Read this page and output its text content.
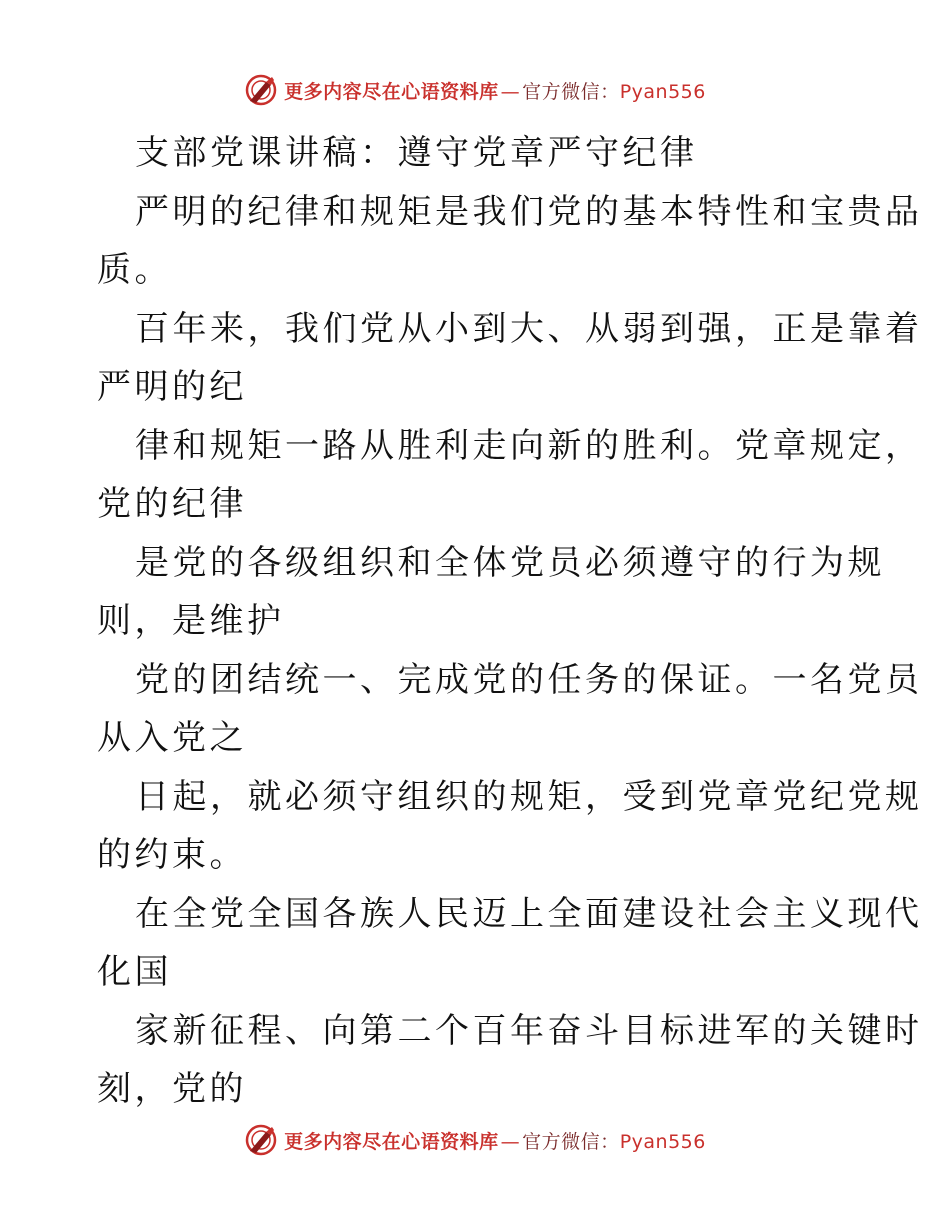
更多内容尽在心语资料库 — 官方微信：Pyan556
支部党课讲稿：遵守党章严守纪律
严明的纪律和规矩是我们党的基本特性和宝贵品
质。
百年来，我们党从小到大、从弱到强，正是靠着
严明的纪
律和规矩一路从胜利走向新的胜利。党章规定，
党的纪律
是党的各级组织和全体党员必须遵守的行为规
则，是维护
党的团结统一、完成党的任务的保证。一名党员
从入党之
日起，就必须守组织的规矩，受到党章党纪党规
的约束。
在全党全国各族人民迈上全面建设社会主义现代
化国
家新征程、向第二个百年奋斗目标进军的关键时
刻，党的
更多内容尽在心语资料库 — 官方微信：Pyan556
